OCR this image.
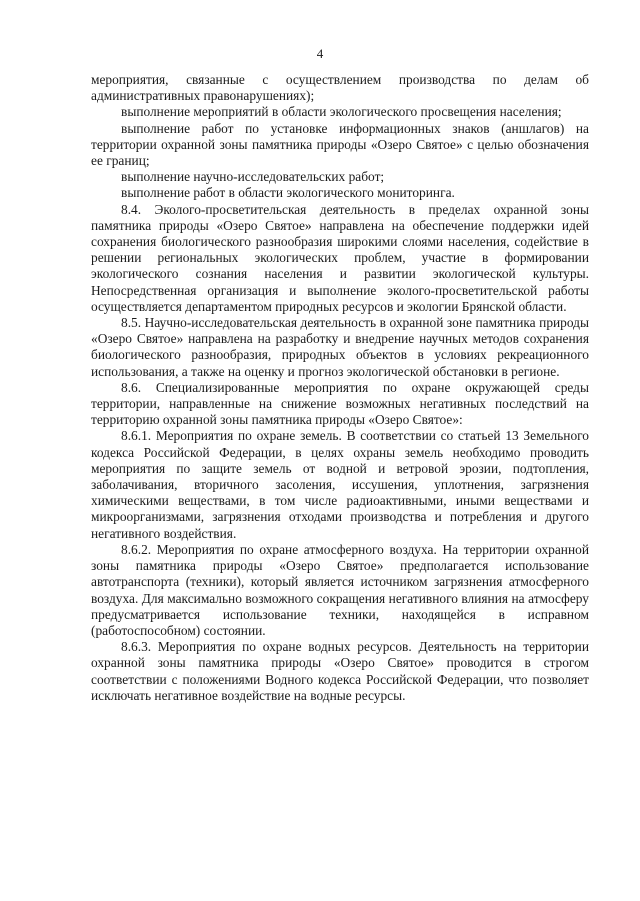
4

мероприятия, связанные с осуществлением производства по делам об административных правонарушениях);

выполнение мероприятий в области экологического просвещения населения;

выполнение работ по установке информационных знаков (аншлагов) на территории охранной зоны памятника природы «Озеро Святое» с целью обозначения ее границ;

выполнение научно-исследовательских работ;

выполнение работ в области экологического мониторинга.

8.4. Эколого-просветительская деятельность в пределах охранной зоны памятника природы «Озеро Святое» направлена на обеспечение поддержки идей сохранения биологического разнообразия широкими слоями населения, содействие в решении региональных экологических проблем, участие в формировании экологического сознания населения и развитии экологической культуры. Непосредственная организация и выполнение эколого-просветительской работы осуществляется департаментом природных ресурсов и экологии Брянской области.

8.5. Научно-исследовательская деятельность в охранной зоне памятника природы «Озеро Святое» направлена на разработку и внедрение научных методов сохранения биологического разнообразия, природных объектов в условиях рекреационного использования, а также на оценку и прогноз экологической обстановки в регионе.

8.6. Специализированные мероприятия по охране окружающей среды территории, направленные на снижение возможных негативных последствий на территорию охранной зоны памятника природы «Озеро Святое»:

8.6.1. Мероприятия по охране земель. В соответствии со статьей 13 Земельного кодекса Российской Федерации, в целях охраны земель необходимо проводить мероприятия по защите земель от водной и ветровой эрозии, подтопления, заболачивания, вторичного засоления, иссушения, уплотнения, загрязнения химическими веществами, в том числе радиоактивными, иными веществами и микроорганизмами, загрязнения отходами производства и потребления и другого негативного воздействия.

8.6.2. Мероприятия по охране атмосферного воздуха. На территории охранной зоны памятника природы «Озеро Святое» предполагается использование автотранспорта (техники), который является источником загрязнения атмосферного воздуха. Для максимально возможного сокращения негативного влияния на атмосферу предусматривается использование техники, находящейся в исправном (работоспособном) состоянии.

8.6.3. Мероприятия по охране водных ресурсов. Деятельность на территории охранной зоны памятника природы «Озеро Святое» проводится в строгом соответствии с положениями Водного кодекса Российской Федерации, что позволяет исключать негативное воздействие на водные ресурсы.
